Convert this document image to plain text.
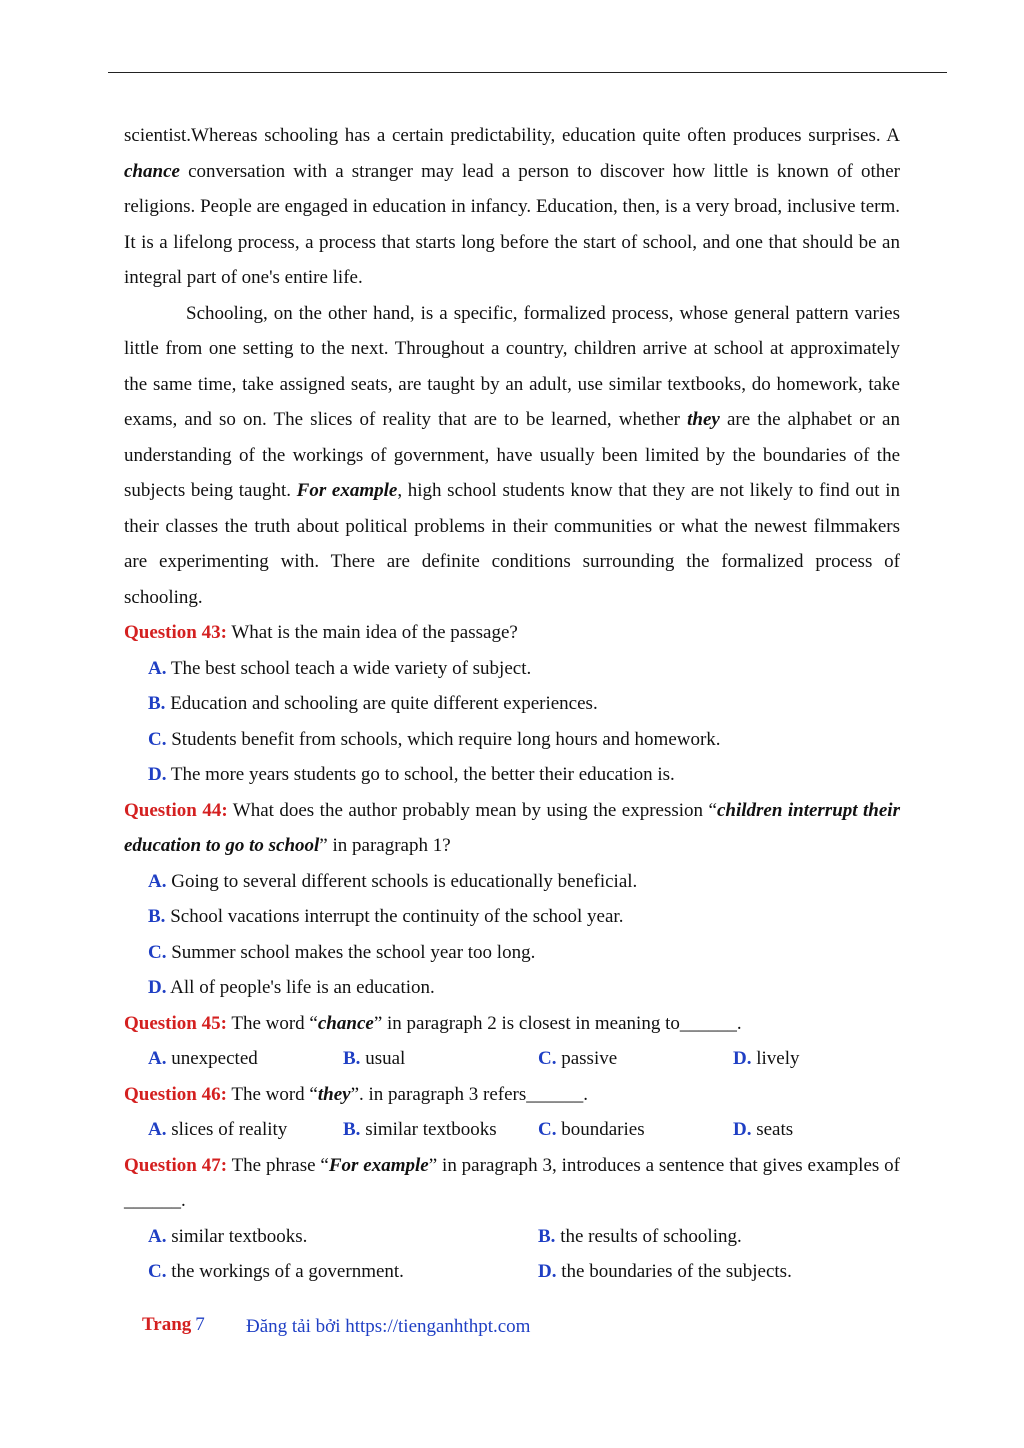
scientist.Whereas schooling has a certain predictability, education quite often produces surprises. A chance conversation with a stranger may lead a person to discover how little is known of other religions. People are engaged in education in infancy. Education, then, is a very broad, inclusive term. It is a lifelong process, a process that starts long before the start of school, and one that should be an integral part of one's entire life.

Schooling, on the other hand, is a specific, formalized process, whose general pattern varies little from one setting to the next. Throughout a country, children arrive at school at approximately the same time, take assigned seats, are taught by an adult, use similar textbooks, do homework, take exams, and so on. The slices of reality that are to be learned, whether they are the alphabet or an understanding of the workings of government, have usually been limited by the boundaries of the subjects being taught. For example, high school students know that they are not likely to find out in their classes the truth about political problems in their communities or what the newest filmmakers are experimenting with. There are definite conditions surrounding the formalized process of schooling.

Question 43: What is the main idea of the passage?

A. The best school teach a wide variety of subject.

B. Education and schooling are quite different experiences.

C. Students benefit from schools, which require long hours and homework.

D. The more years students go to school, the better their education is.

Question 44: What does the author probably mean by using the expression “children interrupt their education to go to school” in paragraph 1?

A. Going to several different schools is educationally beneficial.

B. School vacations interrupt the continuity of the school year.

C. Summer school makes the school year too long.

D. All of people's life is an education.

Question 45: The word “chance” in paragraph 2 is closest in meaning to______.

A. unexpected	B. usual	C. passive	D. lively

Question 46: The word “they”. in paragraph 3 refers______.

A. slices of reality	B. similar textbooks	C. boundaries	D. seats

Question 47: The phrase “For example” in paragraph 3, introduces a sentence that gives examples of ______.

A. similar textbooks.	B. the results of schooling.
C. the workings of a government.	D. the boundaries of the subjects.
Trang 7 Đăng tải bởi https://tienganhthpt.com
